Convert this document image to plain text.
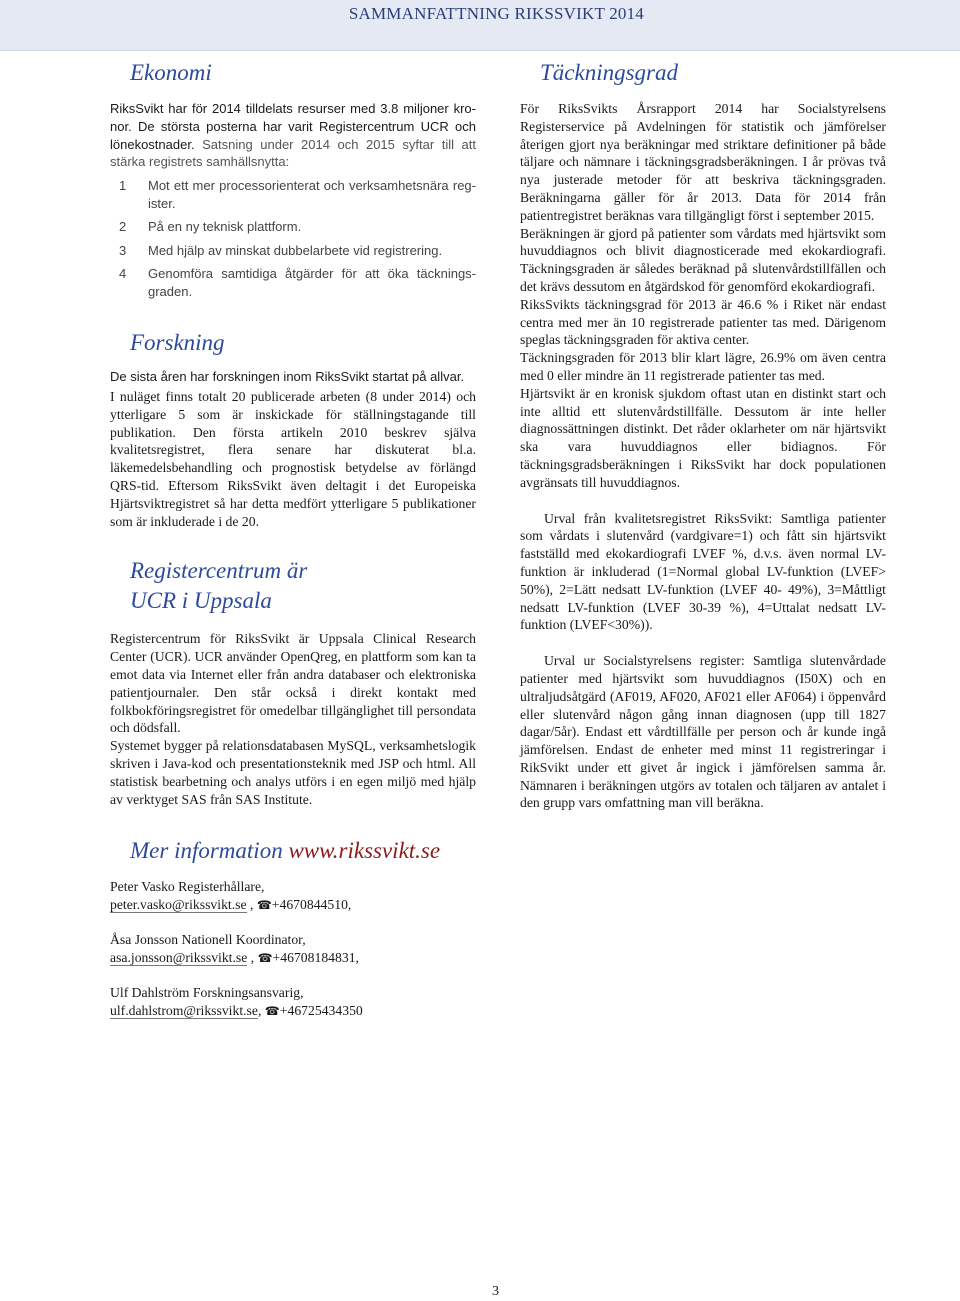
SAMMANFATTNING RIKSSVIKT 2014
Ekonomi

RiksSvikt har för 2014 tilldelats resurser med 3.8 miljoner kro- nor. De största posterna har varit Registercentrum UCR och lönekostnader. Satsning under 2014 och 2015 syftar till att stärka registrets samhällsnytta:

1	Mot ett mer processorienterat och verksamhetsnära reg-ister.
2	På en ny teknisk plattform.
3	Med hjälp av minskat dubbelarbete vid registrering.
4	Genomföra samtidiga åtgärder för att öka täcknings-graden.
Forskning

De sista åren har forskningen inom RiksSvikt startat på allvar.

I nuläget finns totalt 20 publicerade arbeten (8 under 2014) och ytterligare 5 som är inskickade för ställningstagande till publikation. Den första artikeln 2010 beskrev själva kvalitetsregistret, flera senare har diskuterat bl.a. läkemedelsbehandling och prognostisk betydelse av förlängd QRS-tid. Eftersom RiksSvikt även deltagit i det Europeiska Hjärtsviktregistret så har detta medfört ytterligare 5 publikationer som är inkluderade i de 20.

Registercentrum är
UCR i Uppsala

Registercentrum för RiksSvikt är Uppsala Clinical Research Center (UCR). UCR använder OpenQreg, en plattform som kan ta emot data via Internet eller från andra databaser och elektroniska patientjournaler. Den står också i direkt kontakt med folkbokföringsregistret för omedelbar tillgänglighet till persondata och dödsfall.

Systemet bygger på relationsdatabasen MySQL, verksamhetslogik skriven i Java-kod och presentationsteknik med JSP och html. All statistisk bearbetning och analys utförs i en egen miljö med hjälp av verktyget SAS från SAS Institute.

Mer information www.rikssvikt.se

Peter Vasko Registerhållare,

peter.vasko@rikssvikt.se , ☎+4670844510,

Åsa Jonsson Nationell Koordinator,

asa.jonsson@rikssvikt.se , ☎+46708184831,

Ulf Dahlström Forskningsansvarig,

ulf.dahlstrom@rikssvikt.se, ☎+46725434350

Täckningsgrad

För RiksSvikts Årsrapport 2014 har Socialstyrelsens Registerservice på Avdelningen för statistik och jämförelser återigen gjort nya beräkningar med striktare definitioner på både täljare och nämnare i täckningsgradsberäkningen. I år prövas två nya justerade metoder för att beskriva täckningsgraden. Beräkningarna gäller för år 2013. Data för 2014 från patientregistret beräknas vara tillgängligt först i september 2015.

Beräkningen är gjord på patienter som vårdats med hjärtsvikt som huvuddiagnos och blivit diagnosticerade med ekokardiografi. Täckningsgraden är således beräknad på slutenvårdstillfällen och det krävs dessutom en åtgärdskod för genomförd ekokardiografi.

RiksSvikts täckningsgrad för 2013 är 46.6 % i Riket när endast centra med mer än 10 registrerade patienter tas med. Därigenom speglas täckningsgraden för aktiva center.

Täckningsgraden för 2013 blir klart lägre, 26.9% om även centra med 0 eller mindre än 11 registrerade patienter tas med.

Hjärtsvikt är en kronisk sjukdom oftast utan en distinkt start och inte alltid ett slutenvårdstillfälle. Dessutom är inte heller diagnossättningen distinkt. Det råder oklarheter om när hjärtsvikt ska vara huvuddiagnos eller bidiagnos. För täckningsgradsberäkningen i RiksSvikt har dock populationen avgränsats till huvuddiagnos.

Urval från kvalitetsregistret RiksSvikt: Samtliga patienter som vårdats i slutenvård (vardgivare=1) och fått sin hjärtsvikt fastställd med ekokardiografi LVEF %, d.v.s. även normal LV-funktion är inkluderad (1=Normal global LV-funktion (LVEF> 50%), 2=Lätt nedsatt LV-funktion (LVEF 40- 49%), 3=Måttligt nedsatt LV-funktion (LVEF 30-39 %), 4=Uttalat nedsatt LV-funktion (LVEF<30%)).

Urval ur Socialstyrelsens register: Samtliga slutenvårdade patienter med hjärtsvikt som huvuddiagnos (I50X) och en ultraljudsåtgärd (AF019, AF020, AF021 eller AF064) i öppenvård eller slutenvård någon gång innan diagnosen (upp till 1827 dagar/5år). Endast ett vårdtillfälle per person och år kunde ingå jämförelsen. Endast de enheter med minst 11 registreringar i RikSvikt under ett givet år ingick i jämförelsen samma år. Nämnaren i beräkningen utgörs av totalen och täljaren av antalet i den grupp vars omfattning man vill beräkna.

3
